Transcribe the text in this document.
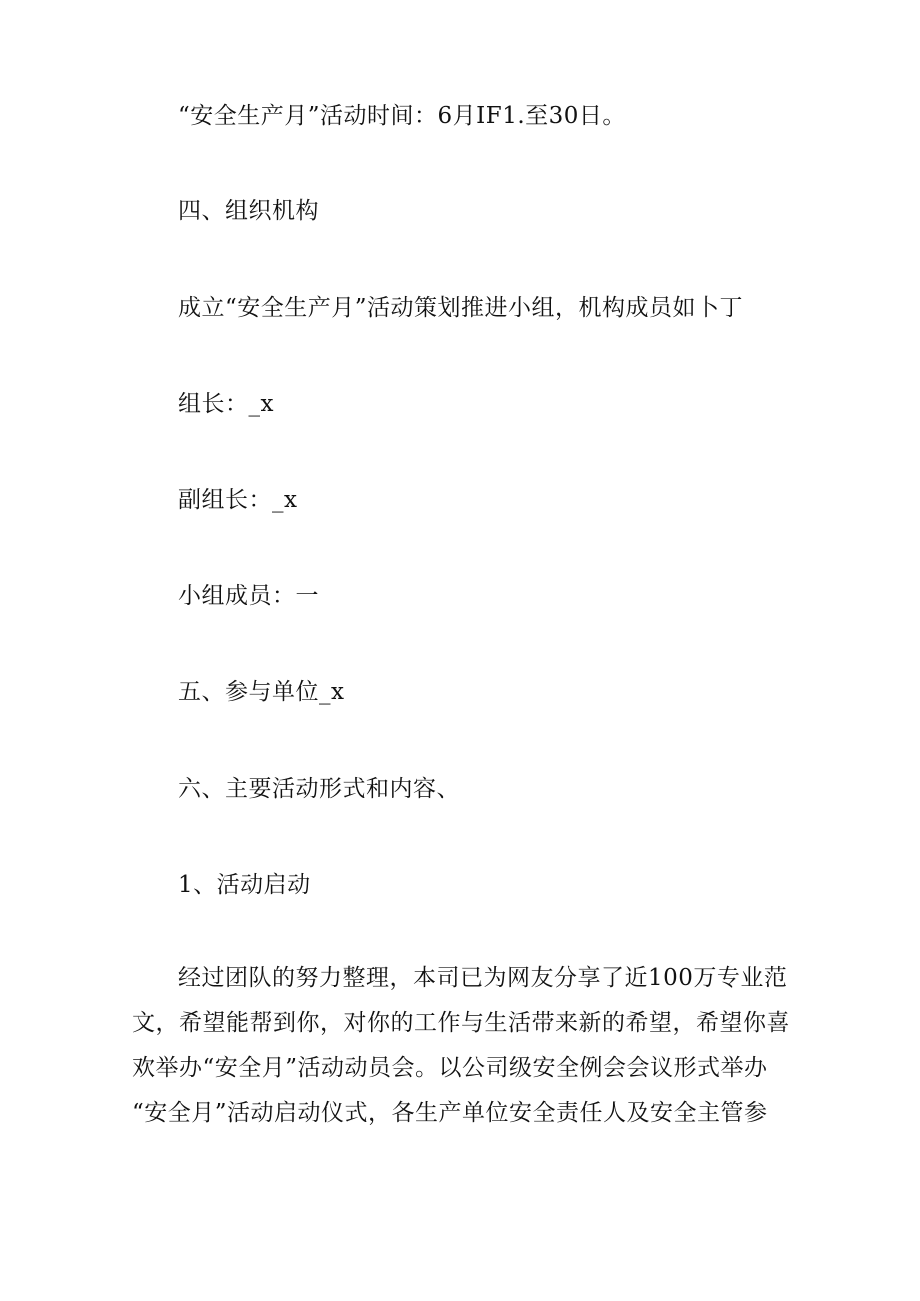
“安全生产月”活动时间：6月IF1.至30日。
四、组织机构
成立“安全生产月”活动策划推进小组，机构成员如卜丁
组长：_x
副组长：_x
小组成员：一
五、参与单位_x
六、主要活动形式和内容、
1、活动启动
经过团队的努力整理，本司已为网友分享了近100万专业范
文，希望能帮到你，对你的工作与生活带来新的希望，希望你喜
欢举办“安全月”活动动员会。以公司级安全例会会议形式举办
“安全月”活动启动仪式，各生产单位安全责任人及安全主管参
